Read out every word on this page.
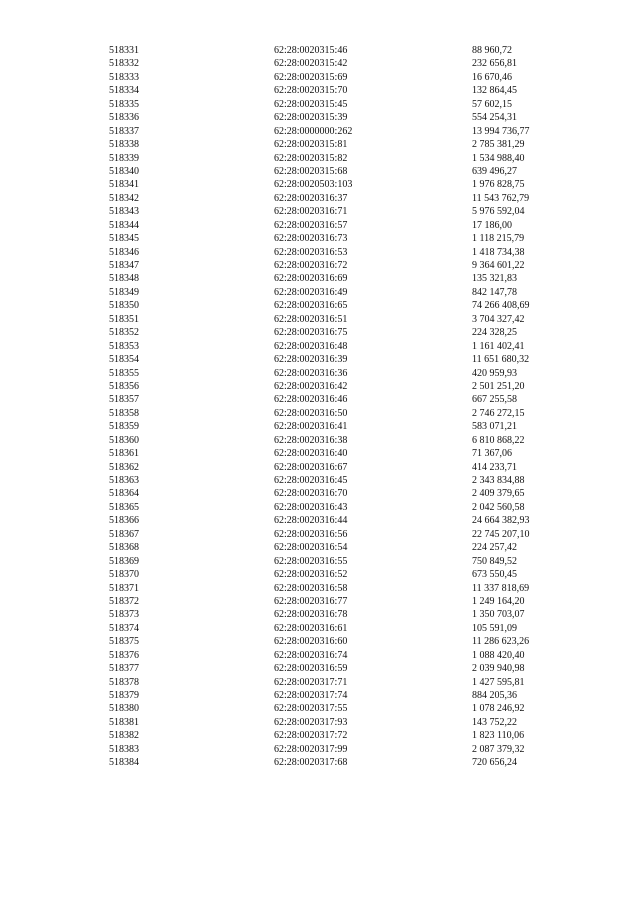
518331	62:28:0020315:46	88 960,72
518332	62:28:0020315:42	232 656,81
518333	62:28:0020315:69	16 670,46
518334	62:28:0020315:70	132 864,45
518335	62:28:0020315:45	57 602,15
518336	62:28:0020315:39	554 254,31
518337	62:28:0000000:262	13 994 736,77
518338	62:28:0020315:81	2 785 381,29
518339	62:28:0020315:82	1 534 988,40
518340	62:28:0020315:68	639 496,27
518341	62:28:0020503:103	1 976 828,75
518342	62:28:0020316:37	11 543 762,79
518343	62:28:0020316:71	5 976 592,04
518344	62:28:0020316:57	17 186,00
518345	62:28:0020316:73	1 118 215,79
518346	62:28:0020316:53	1 418 734,38
518347	62:28:0020316:72	9 364 601,22
518348	62:28:0020316:69	135 321,83
518349	62:28:0020316:49	842 147,78
518350	62:28:0020316:65	74 266 408,69
518351	62:28:0020316:51	3 704 327,42
518352	62:28:0020316:75	224 328,25
518353	62:28:0020316:48	1 161 402,41
518354	62:28:0020316:39	11 651 680,32
518355	62:28:0020316:36	420 959,93
518356	62:28:0020316:42	2 501 251,20
518357	62:28:0020316:46	667 255,58
518358	62:28:0020316:50	2 746 272,15
518359	62:28:0020316:41	583 071,21
518360	62:28:0020316:38	6 810 868,22
518361	62:28:0020316:40	71 367,06
518362	62:28:0020316:67	414 233,71
518363	62:28:0020316:45	2 343 834,88
518364	62:28:0020316:70	2 409 379,65
518365	62:28:0020316:43	2 042 560,58
518366	62:28:0020316:44	24 664 382,93
518367	62:28:0020316:56	22 745 207,10
518368	62:28:0020316:54	224 257,42
518369	62:28:0020316:55	750 849,52
518370	62:28:0020316:52	673 550,45
518371	62:28:0020316:58	11 337 818,69
518372	62:28:0020316:77	1 249 164,20
518373	62:28:0020316:78	1 350 703,07
518374	62:28:0020316:61	105 591,09
518375	62:28:0020316:60	11 286 623,26
518376	62:28:0020316:74	1 088 420,40
518377	62:28:0020316:59	2 039 940,98
518378	62:28:0020317:71	1 427 595,81
518379	62:28:0020317:74	884 205,36
518380	62:28:0020317:55	1 078 246,92
518381	62:28:0020317:93	143 752,22
518382	62:28:0020317:72	1 823 110,06
518383	62:28:0020317:99	2 087 379,32
518384	62:28:0020317:68	720 656,24
